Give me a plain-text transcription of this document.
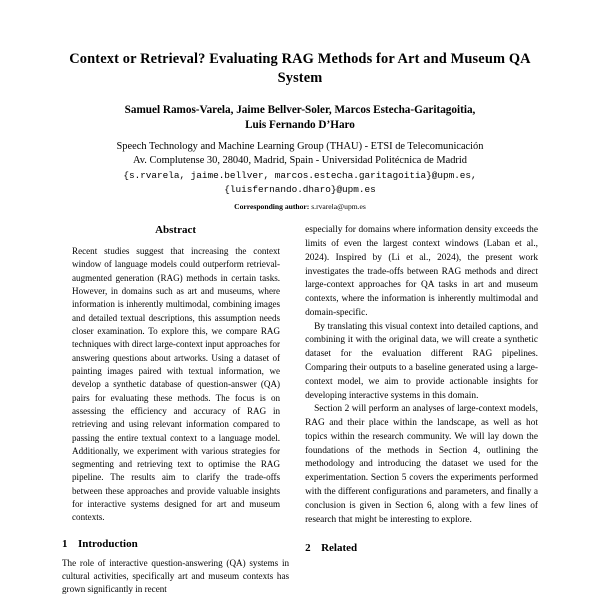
Context or Retrieval? Evaluating RAG Methods for Art and Museum QA System
Samuel Ramos-Varela, Jaime Bellver-Soler, Marcos Estecha-Garitagoitia,
Luis Fernando D’Haro
Speech Technology and Machine Learning Group (THAU) - ETSI de Telecomunicación
Av. Complutense 30, 28040, Madrid, Spain - Universidad Politécnica de Madrid
{s.rvarela, jaime.bellver, marcos.estecha.garitagoitia}@upm.es,
{luisfernando.dharo}@upm.es
Corresponding author: s.rvarela@upm.es
Abstract

Recent studies suggest that increasing the context window of language models could outperform retrieval-augmented generation (RAG) methods in certain tasks. However, in domains such as art and museums, where information is inherently multimodal, combining images and detailed textual descriptions, this assumption needs closer examination. To explore this, we compare RAG techniques with direct large-context input approaches for answering questions about artworks. Using a dataset of painting images paired with textual information, we develop a synthetic database of question-answer (QA) pairs for evaluating these methods. The focus is on assessing the efficiency and accuracy of RAG in retrieving and using relevant information compared to passing the entire textual context to a language model. Additionally, we experiment with various strategies for segmenting and retrieving text to optimise the RAG pipeline. The results aim to clarify the trade-offs between these approaches and provide valuable insights for interactive systems designed for art and museum contexts.

1 Introduction

The role of interactive question-answering (QA) systems in cultural activities, specifically art and museum contexts has grown significantly in recent

especially for domains where information density exceeds the limits of even the largest context windows (Laban et al., 2024). Inspired by (Li et al., 2024), the present work investigates the trade-offs between RAG methods and direct large-context approaches for QA tasks in art and museum contexts, where the information is inherently multimodal and domain-specific.

By translating this visual context into detailed captions, and combining it with the original data, we will create a synthetic dataset for the evaluation different RAG pipelines. Comparing their outputs to a baseline generated using a large-context model, we aim to provide actionable insights for developing interactive systems in this domain.

Section 2 will perform an analyses of large-context models, RAG and their place within the landscape, as well as hot topics within the research community. We will lay down the foundations of the methods in Section 4, outlining the methodology and introducing the dataset we used for the experimentation. Section 5 covers the experiments performed with the different configurations and parameters, and finally a conclusion is given in Section 6, along with a few lines of research that might be interesting to explore.

2 Related
